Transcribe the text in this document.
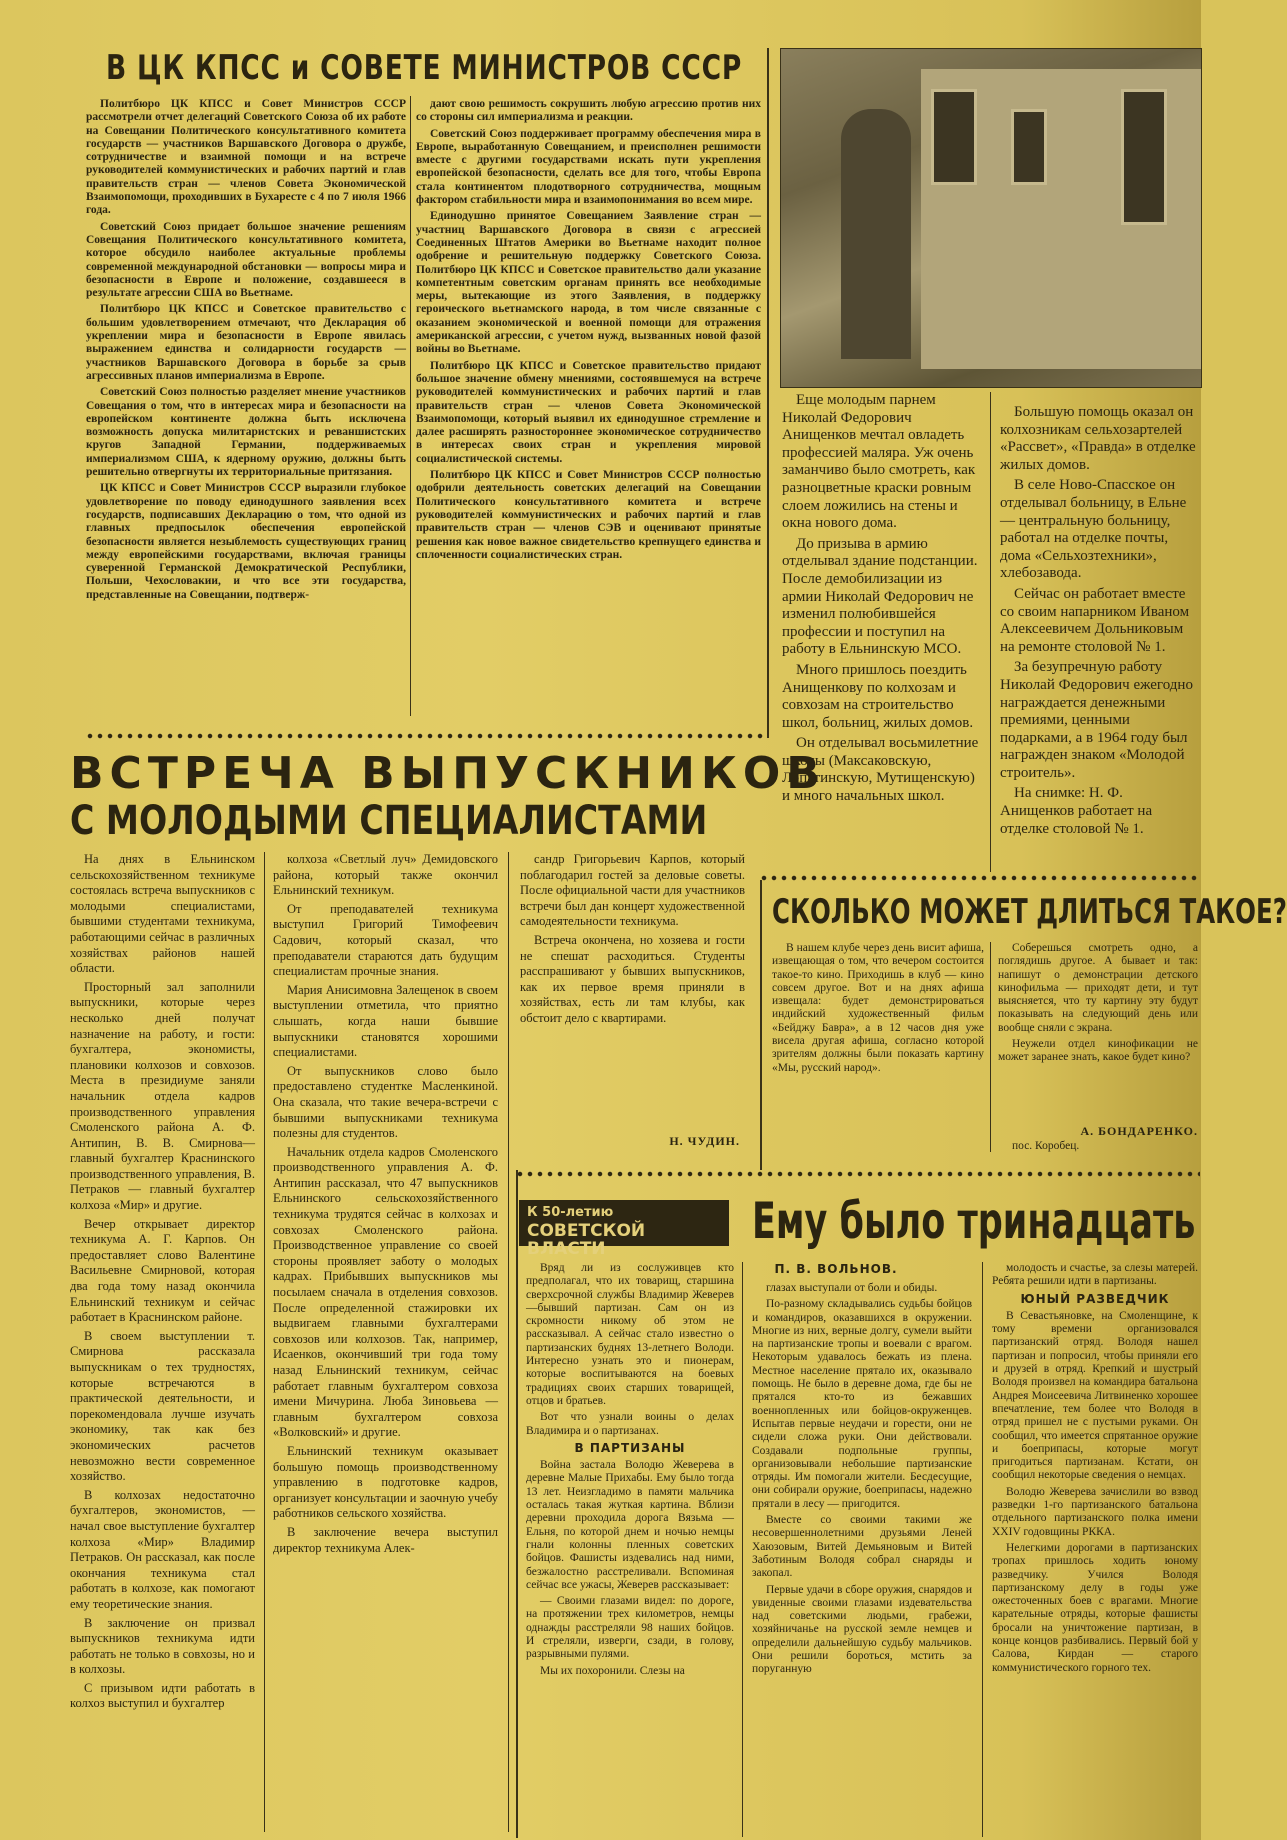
В ЦК КПСС и СОВЕТЕ МИНИСТРОВ СССР

Политбюро ЦК КПСС и Совет Министров СССР рассмотрели отчет делегаций Советского Союза об их работе на Совещании Политического консультативного комитета государств — участников Варшавского Договора о дружбе, сотрудничестве и взаимной помощи и на встрече руководителей коммунистических и рабочих партий и глав правительств стран — членов Совета Экономической Взаимопомощи, проходивших в Бухаресте с 4 по 7 июля 1966 года.

Советский Союз придает большое значение решениям Совещания Политического консультативного комитета, которое обсудило наиболее актуальные проблемы современной международной обстановки — вопросы мира и безопасности в Европе и положение, создавшееся в результате агрессии США во Вьетнаме.

Политбюро ЦК КПСС и Советское правительство с большим удовлетворением отмечают, что Декларация об укреплении мира и безопасности в Европе явилась выражением единства и солидарности государств — участников Варшавского Договора в борьбе за срыв агрессивных планов империализма в Европе.

Советский Союз полностью разделяет мнение участников Совещания о том, что в интересах мира и безопасности на европейском континенте должна быть исключена возможность допуска милитаристских и реваншистских кругов Западной Германии, поддерживаемых империализмом США, к ядерному оружию, должны быть решительно отвергнуты их территориальные притязания.

ЦК КПСС и Совет Министров СССР выразили глубокое удовлетворение по поводу единодушного заявления всех государств, подписавших Декларацию о том, что одной из главных предпосылок обеспечения европейской безопасности является незыблемость существующих границ между европейскими государствами, включая границы суверенной Германской Демократической Республики, Польши, Чехословакии, и что все эти государства, представленные на Совещании, подтверж-

дают свою решимость сокрушить любую агрессию против них со стороны сил империализма и реакции.

Советский Союз поддерживает программу обеспечения мира в Европе, выработанную Совещанием, и преисполнен решимости вместе с другими государствами искать пути укрепления европейской безопасности, сделать все для того, чтобы Европа стала континентом плодотворного сотрудничества, мощным фактором стабильности мира и взаимопонимания во всем мире.

Единодушно принятое Совещанием Заявление стран — участниц Варшавского Договора в связи с агрессией Соединенных Штатов Америки во Вьетнаме находит полное одобрение и решительную поддержку Советского Союза. Политбюро ЦК КПСС и Советское правительство дали указание компетентным советским органам принять все необходимые меры, вытекающие из этого Заявления, в поддержку героического вьетнамского народа, в том числе связанные с оказанием экономической и военной помощи для отражения американской агрессии, с учетом нужд, вызванных новой фазой войны во Вьетнаме.

Политбюро ЦК КПСС и Советское правительство придают большое значение обмену мнениями, состоявшемуся на встрече руководителей коммунистических и рабочих партий и глав правительств стран — членов Совета Экономической Взаимопомощи, который выявил их единодушное стремление и далее расширять разностороннее экономическое сотрудничество в интересах своих стран и укрепления мировой социалистической системы.

Политбюро ЦК КПСС и Совет Министров СССР полностью одобрили деятельность советских делегаций на Совещании Политического консультативного комитета и встрече руководителей коммунистических и рабочих партий и глав правительств стран — членов СЭВ и оценивают принятые решения как новое важное свидетельство крепнущего единства и сплоченности социалистических стран.

Еще молодым парнем Николай Федорович Анищенков мечтал овладеть профессией маляра. Уж очень заманчиво было смотреть, как разноцветные краски ровным слоем ложились на стены и окна нового дома.

До призыва в армию отделывал здание подстанции. После демобилизации из армии Николай Федорович не изменил полюбившейся профессии и поступил на работу в Ельнинскую МСО.

Много пришлось поездить Анищенкову по колхозам и совхозам на строительство школ, больниц, жилых домов.

Он отделывал восьмилетние школы (Максаковскую, Лопатинскую, Мутищенскую) и много начальных школ.

Большую помощь оказал он колхозникам сельхозартелей «Рассвет», «Правда» в отделке жилых домов.

В селе Ново-Спасское он отделывал больницу, в Ельне — центральную больницу, работал на отделке почты, дома «Сельхозтехники», хлебозавода.

Сейчас он работает вместе со своим напарником Иваном Алексеевичем Дольниковым на ремонте столовой № 1.

За безупречную работу Николай Федорович ежегодно награждается денежными премиями, ценными подарками, а в 1964 году был награжден знаком «Молодой строитель».

На снимке: Н. Ф. Анищенков работает на отделке столовой № 1.

ВСТРЕЧА ВЫПУСКНИКОВ
С МОЛОДЫМИ СПЕЦИАЛИСТАМИ

На днях в Ельнинском сельскохозяйственном техникуме состоялась встреча выпускников с молодыми специалистами, бывшими студентами техникума, работающими сейчас в различных хозяйствах районов нашей области.

Просторный зал заполнили выпускники, которые через несколько дней получат назначение на работу, и гости: бухгалтера, экономисты, плановики колхозов и совхозов. Места в президиуме заняли начальник отдела кадров производственного управления Смоленского района А. Ф. Антипин, В. В. Смирнова—главный бухгалтер Краснинского производственного управления, В. Петраков — главный бухгалтер колхоза «Мир» и другие.

Вечер открывает директор техникума А. Г. Карпов. Он предоставляет слово Валентине Васильевне Смирновой, которая два года тому назад окончила Ельнинский техникум и сейчас работает в Краснинском районе.

В своем выступлении т. Смирнова рассказала выпускникам о тех трудностях, которые встречаются в практической деятельности, и порекомендовала лучше изучать экономику, так как без экономических расчетов невозможно вести современное хозяйство.

В колхозах недостаточно бухгалтеров, экономистов, — начал свое выступление бухгалтер колхоза «Мир» Владимир Петраков. Он рассказал, как после окончания техникума стал работать в колхозе, как помогают ему теоретические знания.

В заключение он призвал выпускников техникума идти работать не только в совхозы, но и в колхозы.

С призывом идти работать в колхоз выступил и бухгалтер

колхоза «Светлый луч» Демидовского района, который также окончил Ельнинский техникум.

От преподавателей техникума выступил Григорий Тимофеевич Садович, который сказал, что преподаватели стараются дать будущим специалистам прочные знания.

Мария Анисимовна Залещенок в своем выступлении отметила, что приятно слышать, когда наши бывшие выпускники становятся хорошими специалистами.

От выпускников слово было предоставлено студентке Масленкиной. Она сказала, что такие вечера-встречи с бывшими выпускниками техникума полезны для студентов.

Начальник отдела кадров Смоленского производственного управления А. Ф. Антипин рассказал, что 47 выпускников Ельнинского сельскохозяйственного техникума трудятся сейчас в колхозах и совхозах Смоленского района. Производственное управление со своей стороны проявляет заботу о молодых кадрах. Прибывших выпускников мы посылаем сначала в отделения совхозов. После определенной стажировки их выдвигаем главными бухгалтерами совхозов или колхозов. Так, например, Исаенков, окончивший три года тому назад Ельнинский техникум, сейчас работает главным бухгалтером совхоза имени Мичурина. Люба Зиновьева — главным бухгалтером совхоза «Волковский» и другие.

Ельнинский техникум оказывает большую помощь производственному управлению в подготовке кадров, организует консультации и заочную учебу работников сельского хозяйства.

В заключение вечера выступил директор техникума Алек-

сандр Григорьевич Карпов, который поблагодарил гостей за деловые советы. После официальной части для участников встречи был дан концерт художественной самодеятельности техникума.

Встреча окончена, но хозяева и гости не спешат расходиться. Студенты расспрашивают у бывших выпускников, как их первое время приняли в хозяйствах, есть ли там клубы, как обстоит дело с квартирами.

Н. ЧУДИН.
СКОЛЬКО МОЖЕТ ДЛИТЬСЯ ТАКОЕ?

В нашем клубе через день висит афиша, извещающая о том, что вечером состоится такое-то кино. Приходишь в клуб — кино совсем другое. Вот и на днях афиша извещала: будет демонстрироваться индийский художественный фильм «Бейджу Бавра», а в 12 часов дня уже висела другая афиша, согласно которой зрителям должны были показать картину «Мы, русский народ».

Соберешься смотреть одно, а поглядишь другое. А бывает и так: напишут о демонстрации детского кинофильма — приходят дети, и тут выясняется, что ту картину эту будут показывать на следующий день или вообще сняли с экрана.

Неужели отдел кинофикации не может заранее знать, какое будет кино?

А. БОНДАРЕНКО.
пос. Коробец.
К 50-летию
СОВЕТСКОЙ ВЛАСТИ	Ему было тринадцать
П. В. ВОЛЬНОВ.

Вряд ли из сослуживцев кто предполагал, что их товарищ, старшина сверхсрочной службы Владимир Жеверев—бывший партизан. Сам он из скромности никому об этом не рассказывал. А сейчас стало известно о партизанских буднях 13-летнего Володи. Интересно узнать это и пионерам, которые воспитываются на боевых традициях своих старших товарищей, отцов и братьев.

Вот что узнали воины о делах Владимира и о партизанах.

В ПАРТИЗАНЫ

Война застала Володю Жеверева в деревне Малые Прихабы. Ему было тогда 13 лет. Неизгладимо в памяти мальчика осталась такая жуткая картина. Вблизи деревни проходила дорога Вязьма — Ельня, по которой днем и ночью немцы гнали колонны пленных советских бойцов. Фашисты издевались над ними, безжалостно расстреливали. Вспоминая сейчас все ужасы, Жеверев рассказывает:

— Своими глазами видел: по дороге, на протяжении трех километров, немцы однажды расстреляли 98 наших бойцов. И стреляли, изверги, сзади, в голову, разрывными пулями.

Мы их похоронили. Слезы на

глазах выступали от боли и обиды.

По-разному складывались судьбы бойцов и командиров, оказавшихся в окружении. Многие из них, верные долгу, сумели выйти на партизанские тропы и воевали с врагом. Некоторым удавалось бежать из плена. Местное население прятало их, оказывало помощь. Не было в деревне дома, где бы не прятался кто-то из бежавших военнопленных или бойцов-окруженцев. Испытав первые неудачи и горести, они не сидели сложа руки. Они действовали. Создавали подпольные группы, организовывали небольшие партизанские отряды. Им помогали жители. Бесдесущие, они собирали оружие, боеприпасы, надежно прятали в лесу — пригодится.

Вместе со своими такими же несовершеннолетними друзьями Леней Хаюзовым, Витей Демьяновым и Витей Заботиным Володя собрал снаряды и закопал.

Первые удачи в сборе оружия, снарядов и увиденные своими глазами издевательства над советскими людьми, грабежи, хозяйничанье на русской земле немцев и определили дальнейшую судьбу мальчиков. Они решили бороться, мстить за поруганную

молодость и счастье, за слезы матерей. Ребята решили идти в партизаны.

ЮНЫЙ РАЗВЕДЧИК

В Севастьяновке, на Смоленщине, к тому времени организовался партизанский отряд. Володя нашел партизан и попросил, чтобы приняли его и друзей в отряд. Крепкий и шустрый Володя произвел на командира батальона Андрея Моисеевича Литвиненко хорошее впечатление, тем более что Володя в отряд пришел не с пустыми руками. Он сообщил, что имеется спрятанное оружие и боеприпасы, которые могут пригодиться партизанам. Кстати, он сообщил некоторые сведения о немцах.

Володю Жеверева зачислили во взвод разведки 1-го партизанского батальона отдельного партизанского полка имени XXIV годовщины РККА.

Нелегкими дорогами в партизанских тропах пришлось ходить юному разведчику. Учился Володя партизанскому делу в годы уже ожесточенных боев с врагами. Многие карательные отряды, которые фашисты бросали на уничтожение партизан, в конце концов разбивались. Первый бой у Салова, Кирдан — старого коммунистического горного тех.
